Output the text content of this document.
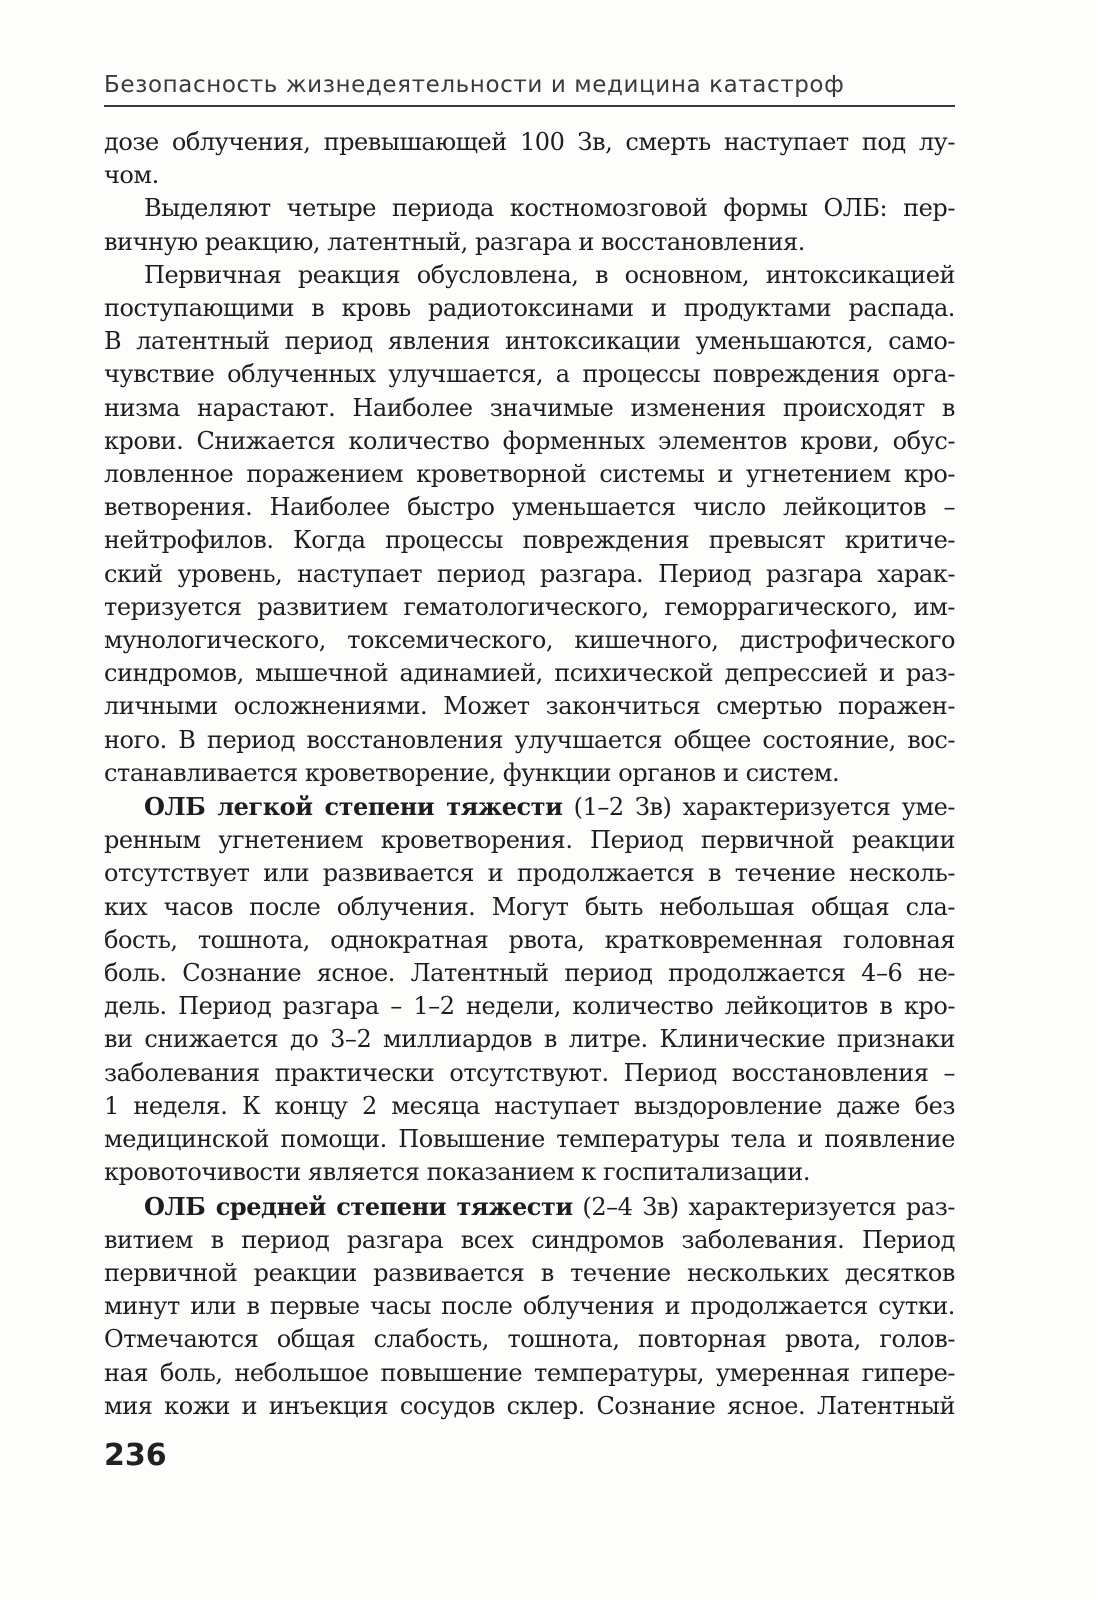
Безопасность жизнедеятельности и медицина катастроф

дозе облучения, превышающей 100 Зв, смерть наступает под лу-
чом.

Выделяют четыре периода костномозговой формы ОЛБ: пер-
вичную реакцию, латентный, разгара и восстановления.

Первичная реакция обусловлена, в основном, интоксикацией
поступающими в кровь радиотоксинами и продуктами распада.
В латентный период явления интоксикации уменьшаются, само-
чувствие облученных улучшается, а процессы повреждения орга-
низма нарастают. Наиболее значимые изменения происходят в
крови. Снижается количество форменных элементов крови, обус-
ловленное поражением кроветворной системы и угнетением кро-
ветворения. Наиболее быстро уменьшается число лейкоцитов –
нейтрофилов. Когда процессы повреждения превысят критиче-
ский уровень, наступает период разгара. Период разгара харак-
теризуется развитием гематологического, геморрагического, им-
мунологического, токсемического, кишечного, дистрофического
синдромов, мышечной адинамией, психической депрессией и раз-
личными осложнениями. Может закончиться смертью поражен-
ного. В период восстановления улучшается общее состояние, вос-
станавливается кроветворение, функции органов и систем.

ОЛБ легкой степени тяжести (1–2 Зв) характеризуется уме-
ренным угнетением кроветворения. Период первичной реакции
отсутствует или развивается и продолжается в течение несколь-
ких часов после облучения. Могут быть небольшая общая сла-
бость, тошнота, однократная рвота, кратковременная головная
боль. Сознание ясное. Латентный период продолжается 4–6 не-
дель. Период разгара – 1–2 недели, количество лейкоцитов в кро-
ви снижается до 3–2 миллиардов в литре. Клинические признаки
заболевания практически отсутствуют. Период восстановления –
1 неделя. К концу 2 месяца наступает выздоровление даже без
медицинской помощи. Повышение температуры тела и появление
кровоточивости является показанием к госпитализации.

ОЛБ средней степени тяжести (2–4 Зв) характеризуется раз-
витием в период разгара всех синдромов заболевания. Период
первичной реакции развивается в течение нескольких десятков
минут или в первые часы после облучения и продолжается сутки.
Отмечаются общая слабость, тошнота, повторная рвота, голов-
ная боль, небольшое повышение температуры, умеренная гипере-
мия кожи и инъекция сосудов склер. Сознание ясное. Латентный

236
